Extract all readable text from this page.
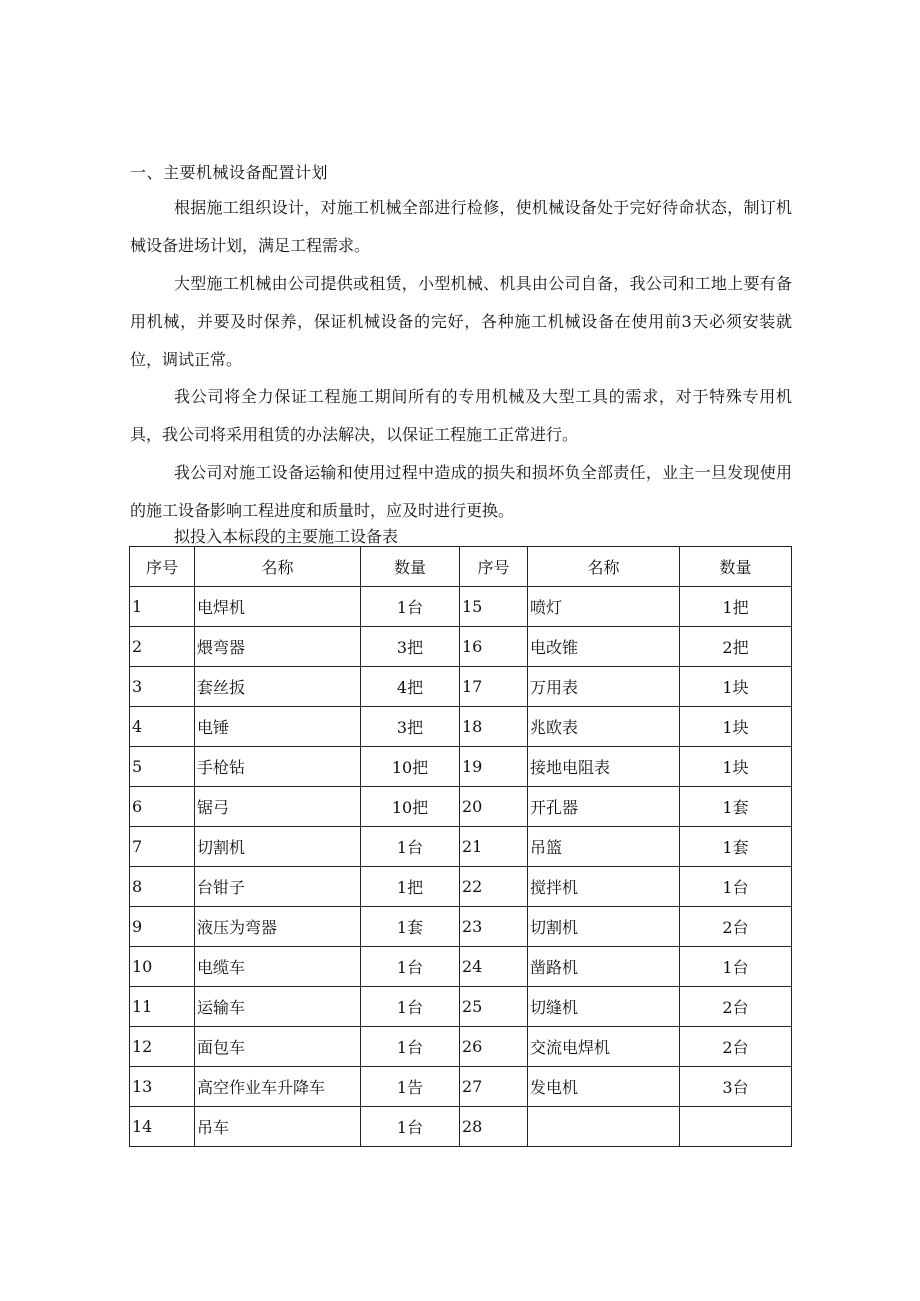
一、主要机械设备配置计划

根据施工组织设计，对施工机械全部进行检修，使机械设备处于完好待命状态，制订机械设备进场计划，满足工程需求。

大型施工机械由公司提供或租赁，小型机械、机具由公司自备，我公司和工地上要有备用机械，并要及时保养，保证机械设备的完好，各种施工机械设备在使用前3天必须安装就位，调试正常。

我公司将全力保证工程施工期间所有的专用机械及大型工具的需求，对于特殊专用机具，我公司将采用租赁的办法解决，以保证工程施工正常进行。

我公司对施工设备运输和使用过程中造成的损失和损坏负全部责任，业主一旦发现使用的施工设备影响工程进度和质量时，应及时进行更换。

拟投入本标段的主要施工设备表
序号	名称	数量	序号	名称	数量
1	电焊机	1台	15	喷灯	1把
2	煨弯器	3把	16	电改锥	2把
3	套丝扳	4把	17	万用表	1块
4	电锤	3把	18	兆欧表	1块
5	手枪钻	10把	19	接地电阻表	1块
6	锯弓	10把	20	开孔器	1套
7	切割机	1台	21	吊篮	1套
8	台钳子	1把	22	搅拌机	1台
9	液压为弯器	1套	23	切割机	2台
10	电缆车	1台	24	凿路机	1台
11	运输车	1台	25	切缝机	2台
12	面包车	1台	26	交流电焊机	2台
13	高空作业车升降车	1告	27	发电机	3台
14	吊车	1台	28		
